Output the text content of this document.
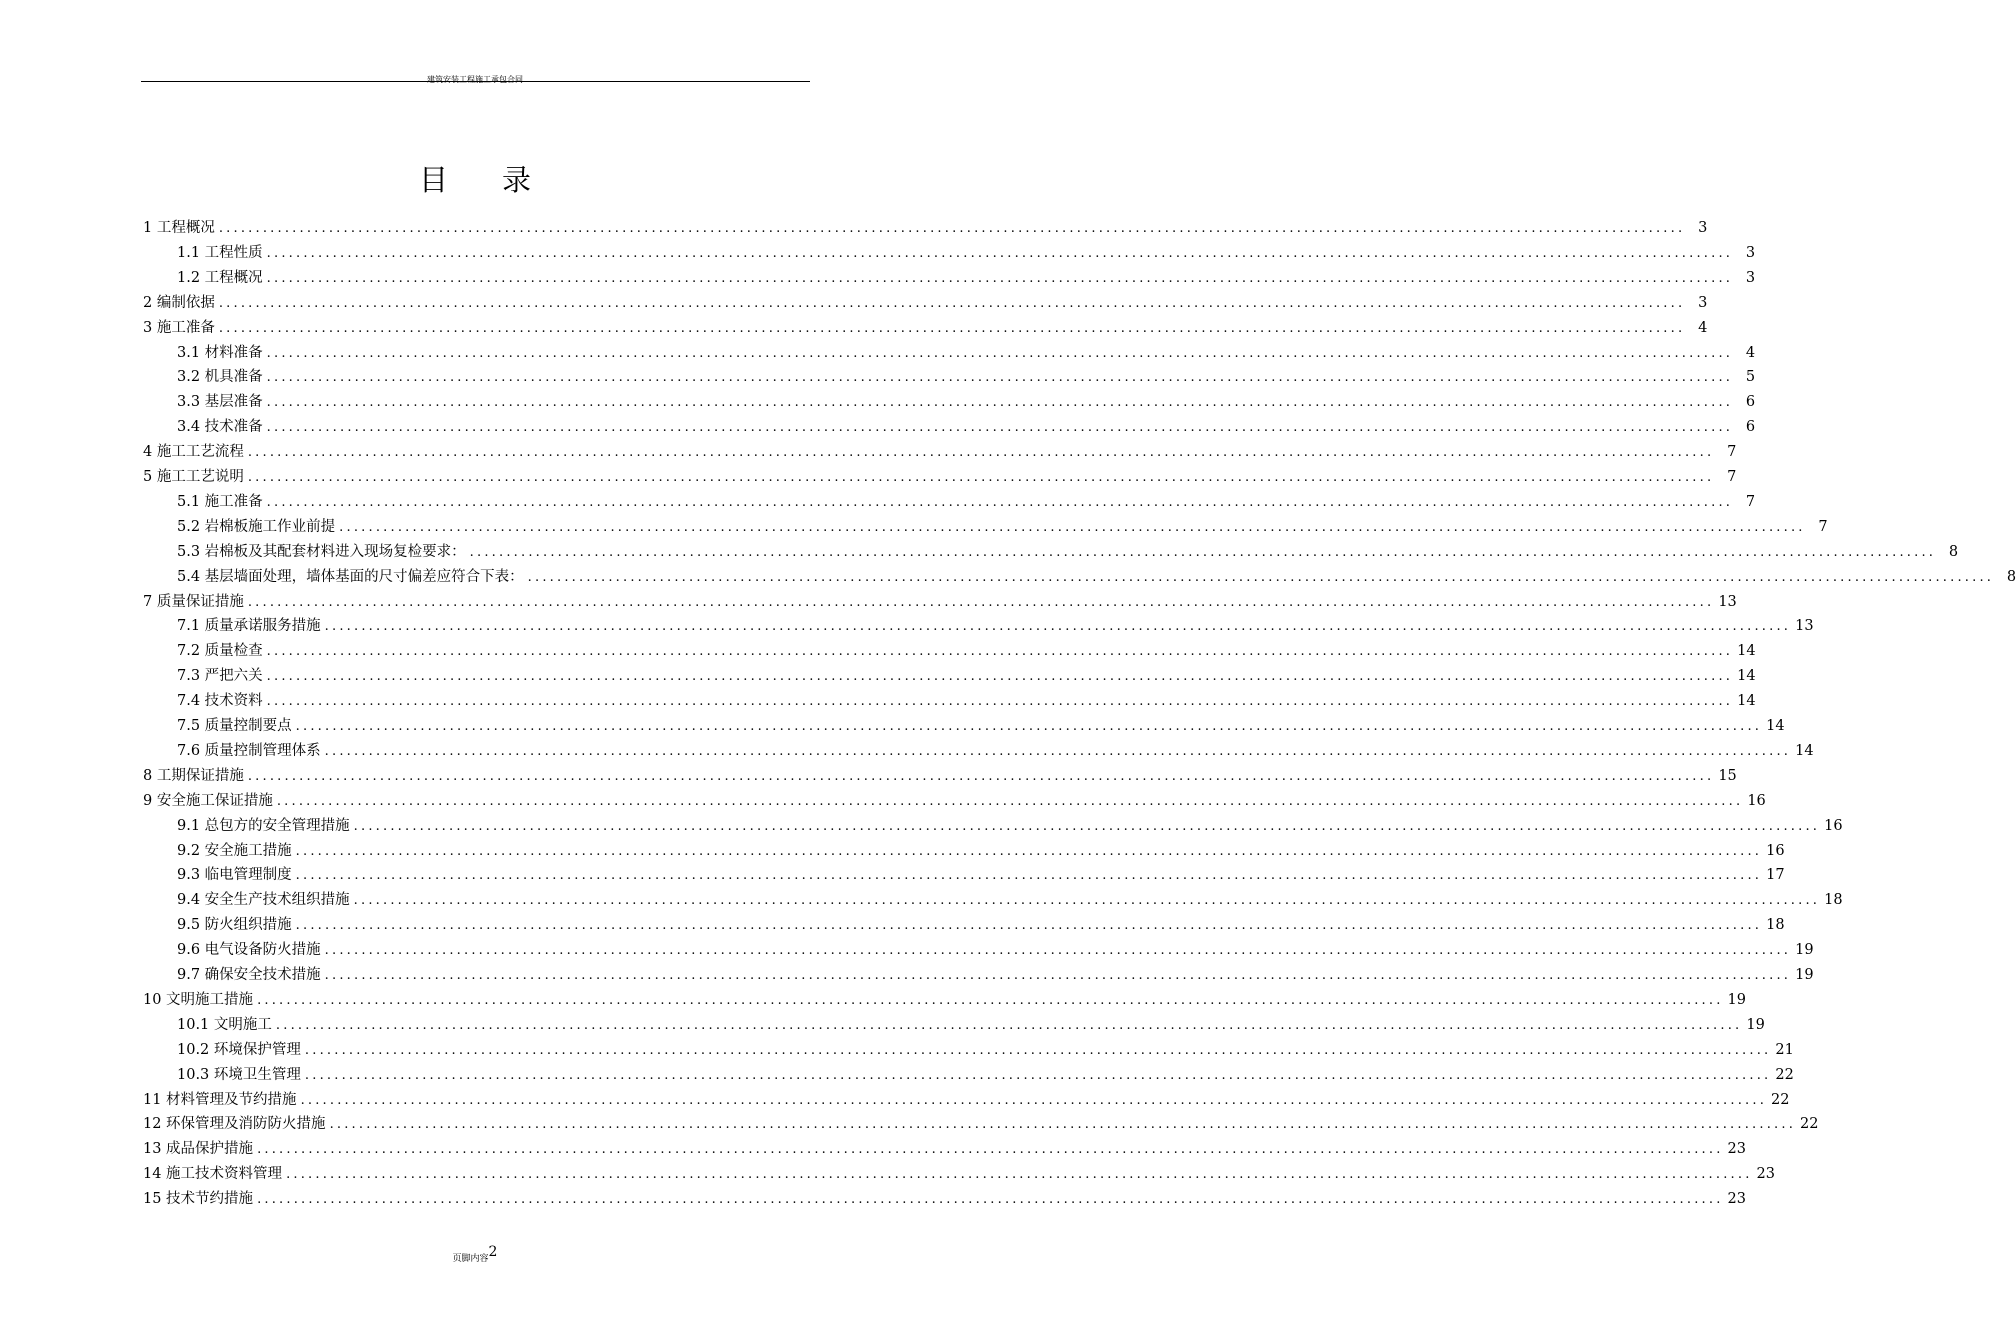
建筑安装工程施工承包合同
目录
1 工程概况 ........................................................................................................................................................................................................ 3
1.1 工程性质 ........................................................................................................................................................................................................ 3
1.2 工程概况 ........................................................................................................................................................................................................ 3
2 编制依据 ........................................................................................................................................................................................................ 3
3 施工准备 ........................................................................................................................................................................................................ 4
3.1 材料准备 ........................................................................................................................................................................................................ 4
3.2 机具准备 ........................................................................................................................................................................................................ 5
3.3 基层准备 ........................................................................................................................................................................................................ 6
3.4 技术准备 ........................................................................................................................................................................................................ 6
4 施工工艺流程 ........................................................................................................................................................................................................ 7
5 施工工艺说明 ........................................................................................................................................................................................................ 7
5.1 施工准备 ........................................................................................................................................................................................................ 7
5.2 岩棉板施工作业前提 ........................................................................................................................................................................................................ 7
5.3 岩棉板及其配套材料进入现场复检要求： ........................................................................................................................................................................................................ 8
5.4 基层墙面处理，墙体基面的尺寸偏差应符合下表： ........................................................................................................................................................................................................ 8
7 质量保证措施 ........................................................................................................................................................................................................ 13
7.1 质量承诺服务措施 ........................................................................................................................................................................................................ 13
7.2 质量检查 ........................................................................................................................................................................................................ 14
7.3 严把六关 ........................................................................................................................................................................................................ 14
7.4 技术资料 ........................................................................................................................................................................................................ 14
7.5 质量控制要点 ........................................................................................................................................................................................................ 14
7.6 质量控制管理体系 ........................................................................................................................................................................................................ 14
8 工期保证措施 ........................................................................................................................................................................................................ 15
9 安全施工保证措施 ........................................................................................................................................................................................................ 16
9.1 总包方的安全管理措施 ........................................................................................................................................................................................................ 16
9.2 安全施工措施 ........................................................................................................................................................................................................ 16
9.3 临电管理制度 ........................................................................................................................................................................................................ 17
9.4 安全生产技术组织措施 ........................................................................................................................................................................................................ 18
9.5 防火组织措施 ........................................................................................................................................................................................................ 18
9.6 电气设备防火措施 ........................................................................................................................................................................................................ 19
9.7 确保安全技术措施 ........................................................................................................................................................................................................ 19
10 文明施工措施 ........................................................................................................................................................................................................ 19
10.1 文明施工 ........................................................................................................................................................................................................ 19
10.2 环境保护管理 ........................................................................................................................................................................................................ 21
10.3 环境卫生管理 ........................................................................................................................................................................................................ 22
11 材料管理及节约措施 ........................................................................................................................................................................................................ 22
12 环保管理及消防防火措施 ........................................................................................................................................................................................................ 22
13 成品保护措施 ........................................................................................................................................................................................................ 23
14 施工技术资料管理 ........................................................................................................................................................................................................ 23
15 技术节约措施 ........................................................................................................................................................................................................ 23
页脚内容2
